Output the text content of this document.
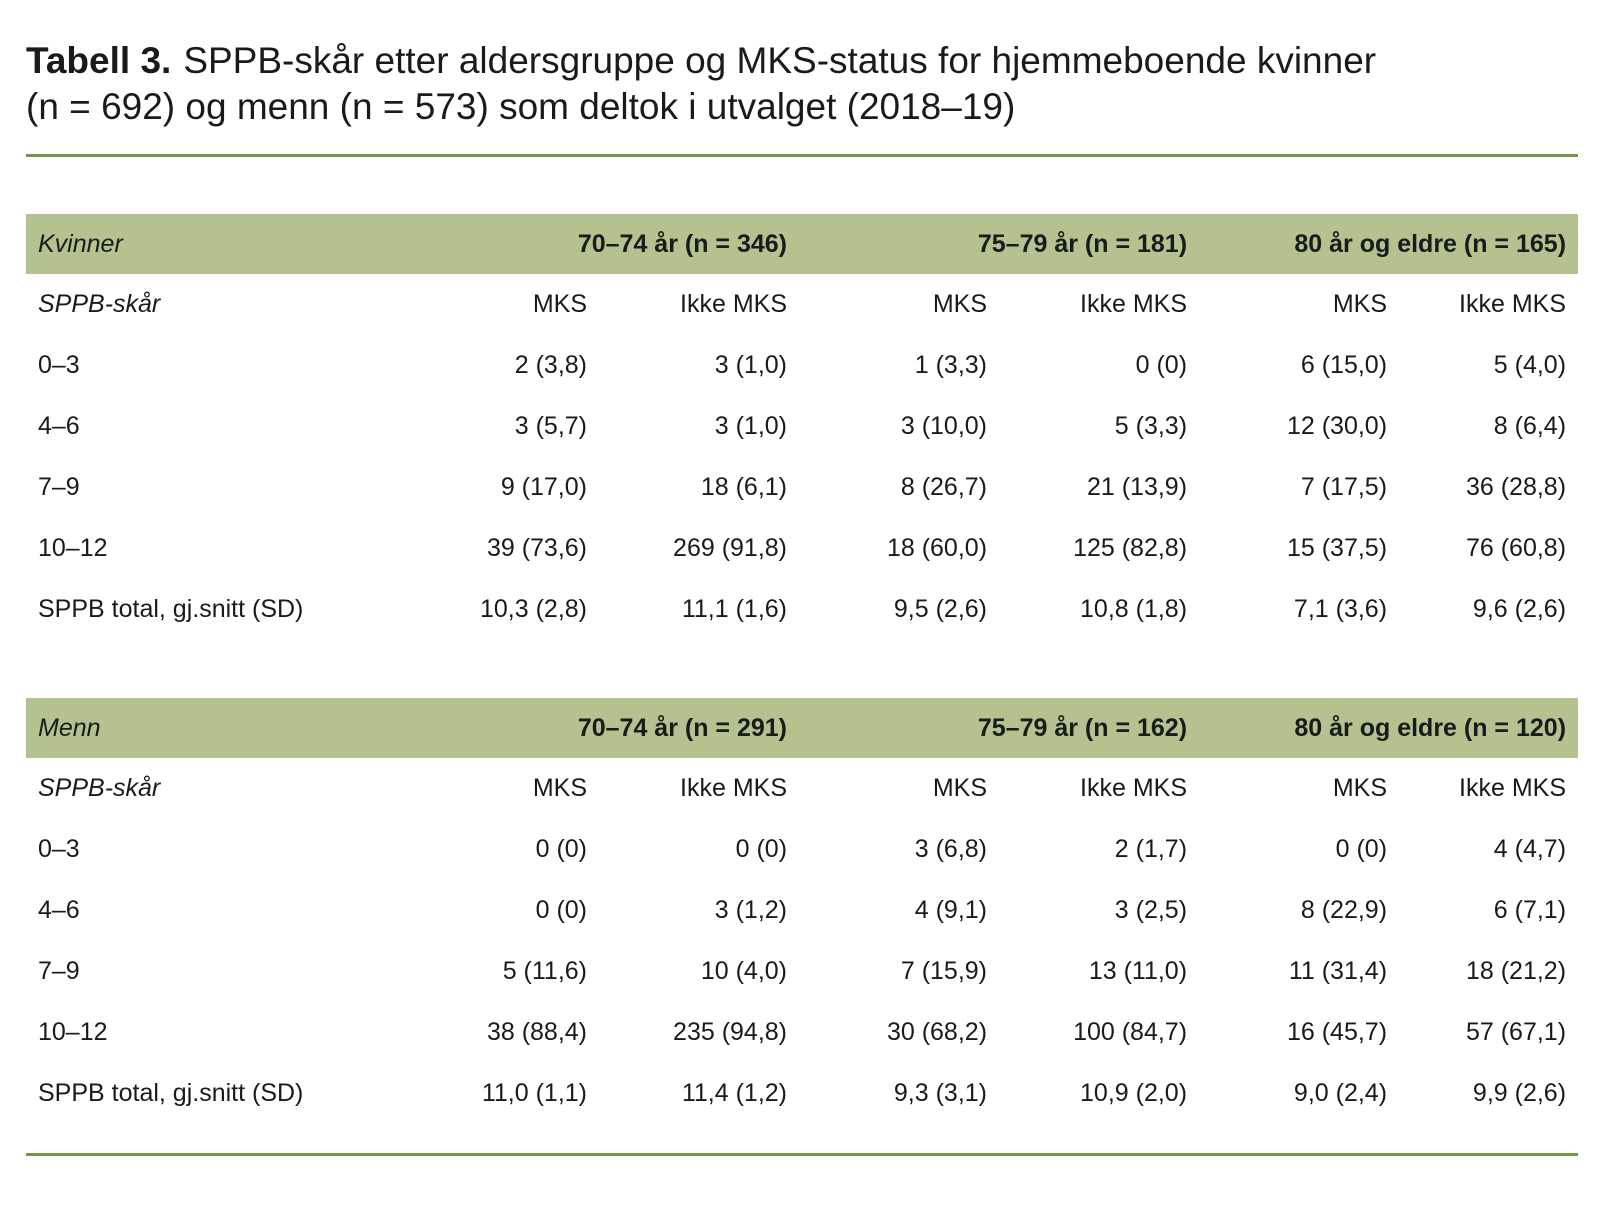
Tabell 3. SPPB-skår etter aldersgruppe og MKS-status for hjemmeboende kvinner
(n = 692) og menn (n = 573) som deltok i utvalget (2018–19)
Kvinner	70–74 år (n = 346)		75–79 år (n = 181)		80 år og eldre (n = 165)	
SPPB-skår	MKS	Ikke MKS	MKS	Ikke MKS	MKS	Ikke MKS
0–3	2 (3,8)	3 (1,0)	1 (3,3)	0 (0)	6 (15,0)	5 (4,0)
4–6	3 (5,7)	3 (1,0)	3 (10,0)	5 (3,3)	12 (30,0)	8 (6,4)
7–9	9 (17,0)	18 (6,1)	8 (26,7)	21 (13,9)	7 (17,5)	36 (28,8)
10–12	39 (73,6)	269 (91,8)	18 (60,0)	125 (82,8)	15 (37,5)	76 (60,8)
SPPB total, gj.snitt (SD)	10,3 (2,8)	11,1 (1,6)	9,5 (2,6)	10,8 (1,8)	7,1 (3,6)	9,6 (2,6)
Menn	70–74 år (n = 291)		75–79 år (n = 162)		80 år og eldre (n = 120)	
SPPB-skår	MKS	Ikke MKS	MKS	Ikke MKS	MKS	Ikke MKS
0–3	0 (0)	0 (0)	3 (6,8)	2 (1,7)	0 (0)	4 (4,7)
4–6	0 (0)	3 (1,2)	4 (9,1)	3 (2,5)	8 (22,9)	6 (7,1)
7–9	5 (11,6)	10 (4,0)	7 (15,9)	13 (11,0)	11 (31,4)	18 (21,2)
10–12	38 (88,4)	235 (94,8)	30 (68,2)	100 (84,7)	16 (45,7)	57 (67,1)
SPPB total, gj.snitt (SD)	11,0 (1,1)	11,4 (1,2)	9,3 (3,1)	10,9 (2,0)	9,0 (2,4)	9,9 (2,6)
